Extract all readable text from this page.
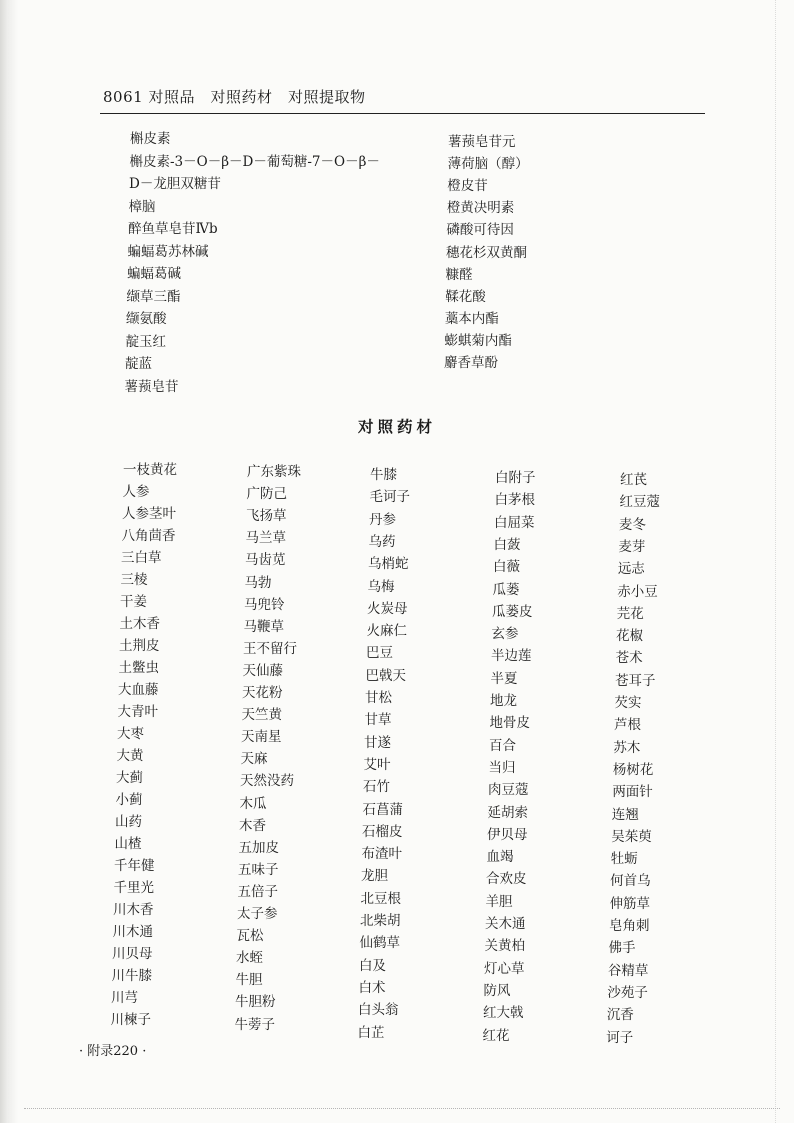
8061 对照品　对照药材　对照提取物
槲皮素
槲皮素-3－O－β－D－葡萄糖-7－O－β－
D－龙胆双糖苷
樟脑
醉鱼草皂苷Ⅳb
蝙蝠葛苏林碱
蝙蝠葛碱
缬草三酯
缬氨酸
靛玉红
靛蓝
薯蓣皂苷
薯蓣皂苷元
薄荷脑（醇）
橙皮苷
橙黄决明素
磷酸可待因
穗花杉双黄酮
糠醛
鞣花酸
藁本内酯
蟛蜞菊内酯
麝香草酚
对照药材
一枝黄花
人参
人参茎叶
八角茴香
三白草
三棱
干姜
土木香
土荆皮
土鳖虫
大血藤
大青叶
大枣
大黄
大蓟
小蓟
山药
山楂
千年健
千里光
川木香
川木通
川贝母
川牛膝
川芎
川楝子
广东紫珠
广防己
飞扬草
马兰草
马齿苋
马勃
马兜铃
马鞭草
王不留行
天仙藤
天花粉
天竺黄
天南星
天麻
天然没药
木瓜
木香
五加皮
五味子
五倍子
太子参
瓦松
水蛭
牛胆
牛胆粉
牛蒡子
牛膝
毛诃子
丹参
乌药
乌梢蛇
乌梅
火炭母
火麻仁
巴豆
巴戟天
甘松
甘草
甘遂
艾叶
石竹
石菖蒲
石榴皮
布渣叶
龙胆
北豆根
北柴胡
仙鹤草
白及
白术
白头翁
白芷
白附子
白茅根
白屈菜
白蔹
白薇
瓜蒌
瓜蒌皮
玄参
半边莲
半夏
地龙
地骨皮
百合
当归
肉豆蔻
延胡索
伊贝母
血竭
合欢皮
羊胆
关木通
关黄柏
灯心草
防风
红大戟
红花
红芪
红豆蔻
麦冬
麦芽
远志
赤小豆
芫花
花椒
苍术
苍耳子
芡实
芦根
苏木
杨树花
两面针
连翘
吴茱萸
牡蛎
何首乌
伸筋草
皂角刺
佛手
谷精草
沙苑子
沉香
诃子
· 附录220 ·
